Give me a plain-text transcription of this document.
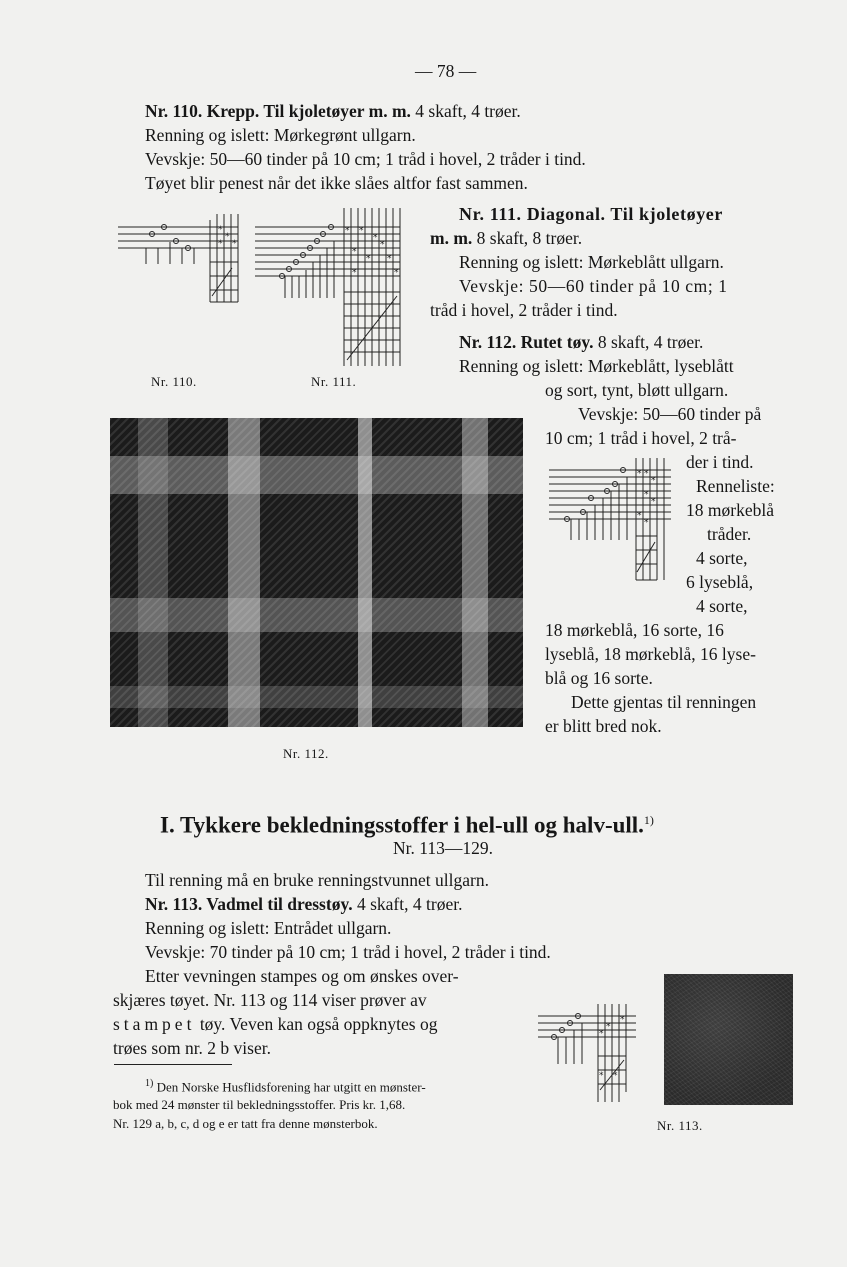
— 78 —
Nr. 110. Krepp. Til kjoletøyer m. m. 4 skaft, 4 trøer.
Renning og islett: Mørkegrønt ullgarn.
Vevskje: 50—60 tinder på 10 cm; 1 tråd i hovel, 2 tråder i tind.
Tøyet blir penest når det ikke slåes altfor fast sammen.
*
*
*
*
* *
*
*
*
* *
*	*
Nr. 110.	Nr. 111.
Nr. 111. Diagonal. Til kjoletøyer
m. m. 8 skaft, 8 trøer.
Renning og islett: Mørkeblått ullgarn.
Vevskje: 50—60 tinder på 10 cm; 1
tråd i hovel, 2 tråder i tind.
Nr. 112. Rutet tøy. 8 skaft, 4 trøer.
Renning og islett: Mørkeblått, lyseblått
og sort, tynt, bløtt ullgarn.
Vevskje: 50—60 tinder på
10 cm; 1 tråd i hovel, 2 trå-
der i tind.
* *
*
*
*
*
*
Renneliste:
18 mørkeblå
tråder.
4 sorte,
6 lyseblå,
4 sorte,
18 mørkeblå, 16 sorte, 16
lyseblå, 18 mørkeblå, 16 lyse-
blå og 16 sorte.
Dette gjentas til renningen
er blitt bred nok.
Nr. 112.
I. Tykkere bekledningsstoffer i hel-ull og halv-ull.$^{1)}$
Nr. 113—129.
Til renning må en bruke renningstvunnet ullgarn.
Nr. 113. Vadmel til dresstøy. 4 skaft, 4 trøer.
Renning og islett: Entrådet ullgarn.
Vevskje: 70 tinder på 10 cm; 1 tråd i hovel, 2 tråder i tind.
Etter vevningen stampes og om ønskes over-
skjæres tøyet. Nr. 113 og 114 viser prøver av
stampet tøy. Veven kan også oppknytes og
trøes som nr. 2 b viser.
*
*
*
* *
Nr. 113.
$^{1)}$ Den Norske Husflidsforening har utgitt en mønster-
bok med 24 mønster til bekledningsstoffer. Pris kr. 1,68.
Nr. 129 a, b, c, d og e er tatt fra denne mønsterbok.
